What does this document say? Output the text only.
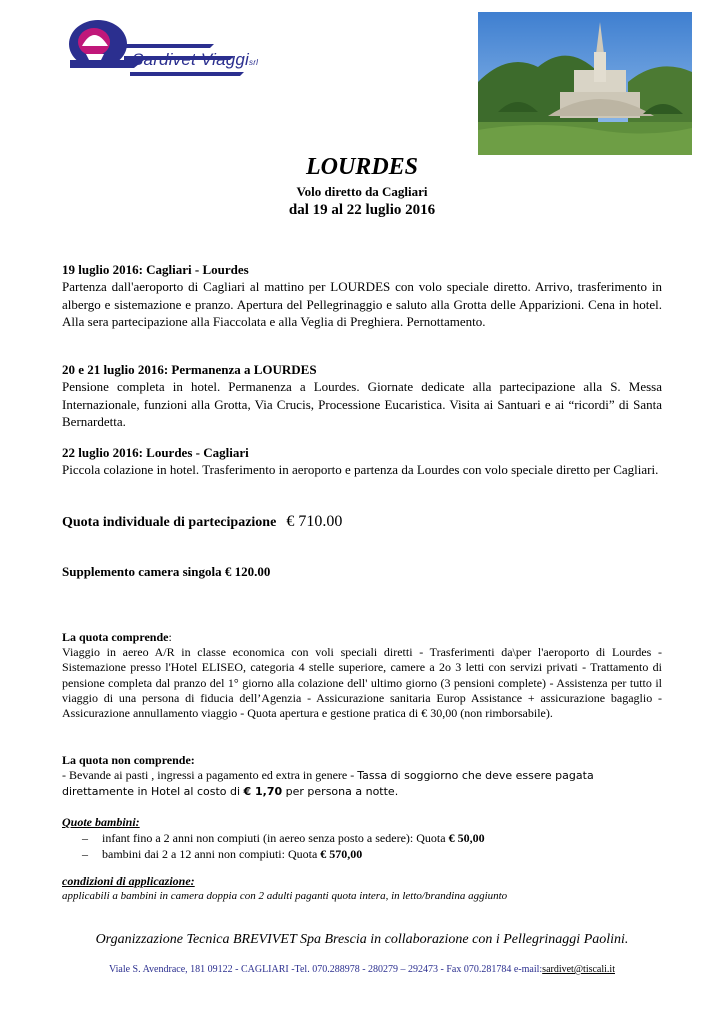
Sardivet Viaggisrl
LOURDES
Volo diretto da Cagliari
dal 19 al 22 luglio 2016
19 luglio 2016: Cagliari - Lourdes
Partenza dall'aeroporto di Cagliari al mattino per LOURDES con volo speciale diretto. Arrivo, trasferimento in albergo e sistemazione e pranzo. Apertura del Pellegrinaggio e saluto alla Grotta delle Apparizioni. Cena in hotel. Alla sera partecipazione alla Fiaccolata e alla Veglia di Preghiera. Pernottamento.
20 e 21 luglio 2016: Permanenza a LOURDES
Pensione completa in hotel. Permanenza a Lourdes. Giornate dedicate alla partecipazione alla S. Messa Internazionale, funzioni alla Grotta, Via Crucis, Processione Eucaristica. Visita ai Santuari e ai “ricordi” di Santa Bernardetta.
22 luglio 2016: Lourdes - Cagliari
Piccola colazione in hotel. Trasferimento in aeroporto e partenza da Lourdes con volo speciale diretto per Cagliari.
Quota individuale di partecipazione € 710.00
Supplemento camera singola € 120.00
La quota comprende:
Viaggio in aereo A/R in classe economica con voli speciali diretti - Trasferimenti da\per l'aeroporto di Lourdes - Sistemazione presso l'Hotel ELISEO, categoria 4 stelle superiore, camere a 2o 3 letti con servizi privati - Trattamento di pensione completa dal pranzo del 1° giorno alla colazione dell' ultimo giorno (3 pensioni complete) - Assistenza per tutto il viaggio di una persona di fiducia dell’Agenzia - Assicurazione sanitaria Europ Assistance + assicurazione bagaglio - Assicurazione annullamento viaggio - Quota apertura e gestione pratica di € 30,00 (non rimborsabile).
La quota non comprende:
- Bevande ai pasti , ingressi a pagamento ed extra in genere - Tassa di soggiorno che deve essere pagata
direttamente in Hotel al costo di € 1,70 per persona a notte.
Quote bambini:
– infant fino a 2 anni non compiuti (in aereo senza posto a sedere): Quota € 50,00
– bambini dai 2 a 12 anni non compiuti: Quota € 570,00
condizioni di applicazione:
applicabili a bambini in camera doppia con 2 adulti paganti quota intera, in letto/brandina aggiunto
Organizzazione Tecnica BREVIVET Spa Brescia in collaborazione con i Pellegrinaggi Paolini.
Viale S. Avendrace, 181 09122 - CAGLIARI -Tel. 070.288978 - 280279 – 292473 - Fax 070.281784 e-mail:sardivet@tiscali.it
